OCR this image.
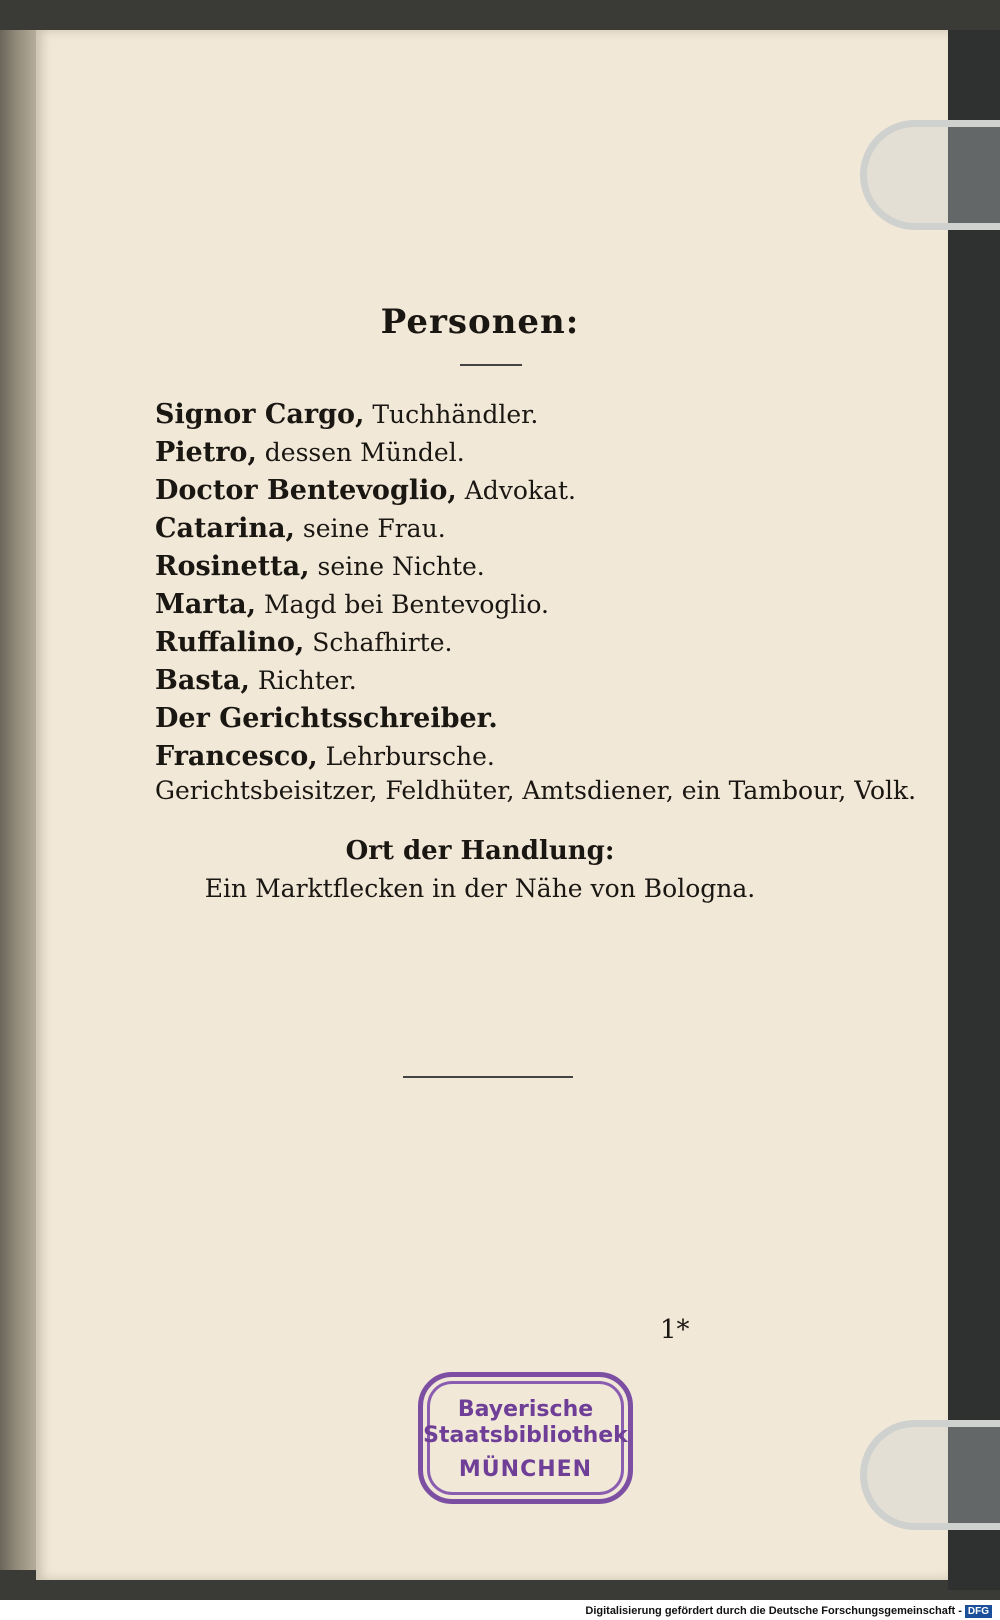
Personen:
Signor Cargo, Tuchhändler.
Pietro, dessen Mündel.
Doctor Bentevoglio, Advokat.
Catarina, seine Frau.
Rosinetta, seine Nichte.
Marta, Magd bei Bentevoglio.
Ruffalino, Schafhirte.
Basta, Richter.
Der Gerichtsschreiber.
Francesco, Lehrbursche.
Gerichtsbeisitzer, Feldhüter, Amtsdiener, ein Tambour, Volk.
Ort der Handlung:
Ein Marktflecken in der Nähe von Bologna.
1*
Bayerische
Staatsbibliothek
MÜNCHEN
Digitalisierung gefördert durch die Deutsche Forschungsgemeinschaft - DFG
